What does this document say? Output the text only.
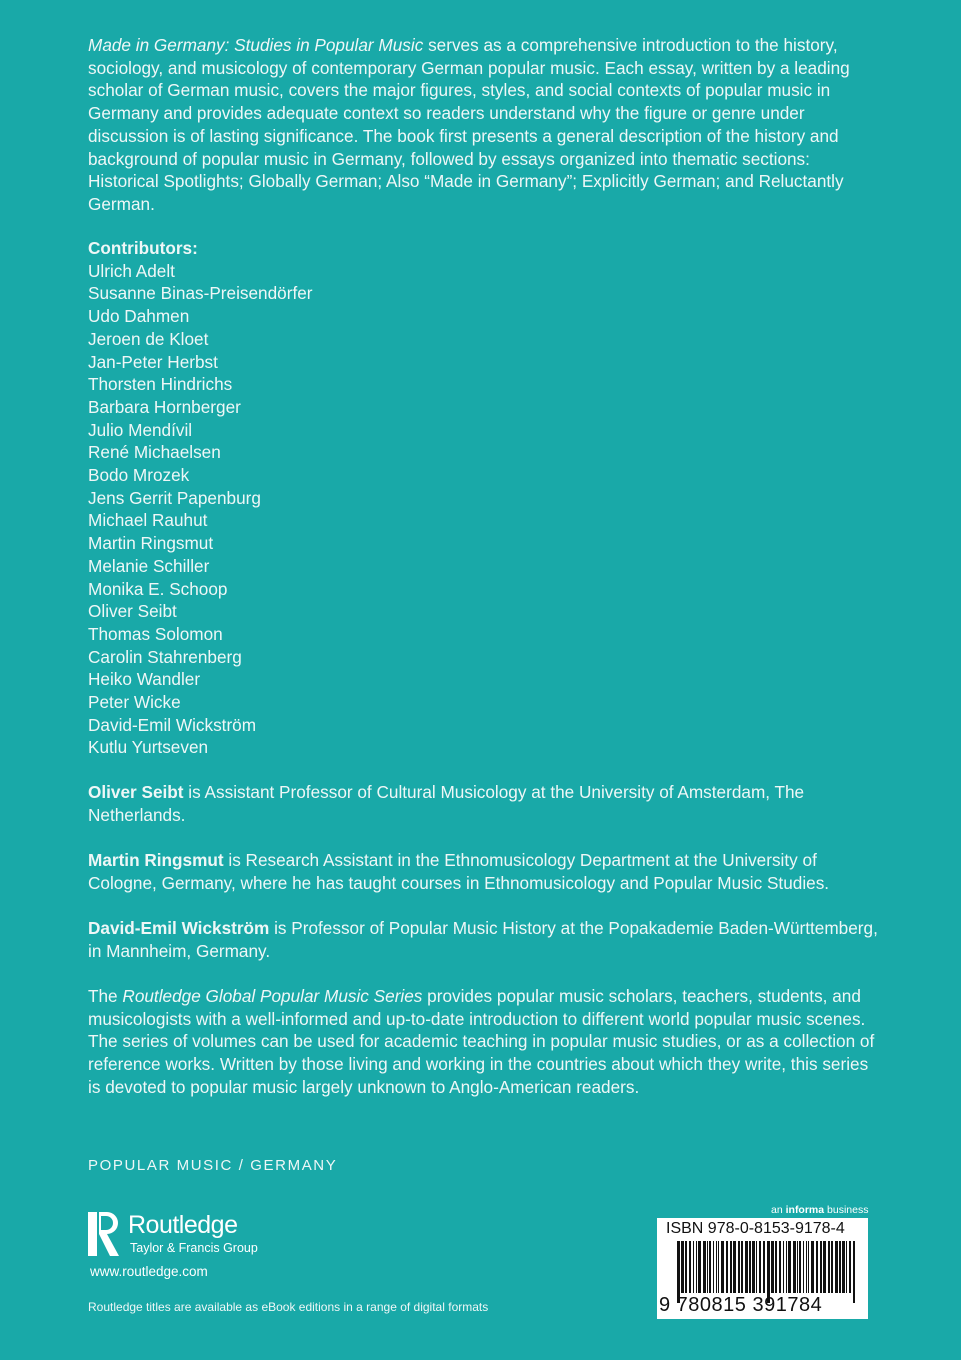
Made in Germany: Studies in Popular Music serves as a comprehensive introduction to the history, sociology, and musicology of contemporary German popular music. Each essay, written by a leading scholar of German music, covers the major figures, styles, and social contexts of popular music in Germany and provides adequate context so readers understand why the figure or genre under discussion is of lasting significance. The book first presents a general description of the history and background of popular music in Germany, followed by essays organized into thematic sections: Historical Spotlights; Globally German; Also “Made in Germany”; Explicitly German; and Reluctantly German.

Contributors:
Ulrich Adelt
Susanne Binas-Preisendörfer
Udo Dahmen
Jeroen de Kloet
Jan-Peter Herbst
Thorsten Hindrichs
Barbara Hornberger
Julio Mendívil
René Michaelsen
Bodo Mrozek
Jens Gerrit Papenburg
Michael Rauhut
Martin Ringsmut
Melanie Schiller
Monika E. Schoop
Oliver Seibt
Thomas Solomon
Carolin Stahrenberg
Heiko Wandler
Peter Wicke
David-Emil Wickström
Kutlu Yurtseven

Oliver Seibt is Assistant Professor of Cultural Musicology at the University of Amsterdam, The Netherlands.

Martin Ringsmut is Research Assistant in the Ethnomusicology Department at the University of Cologne, Germany, where he has taught courses in Ethnomusicology and Popular Music Studies.

David-Emil Wickström is Professor of Popular Music History at the Popakademie Baden-Württemberg, in Mannheim, Germany.

The Routledge Global Popular Music Series provides popular music scholars, teachers, students, and musicologists with a well-informed and up-to-date introduction to different world popular music scenes. The series of volumes can be used for academic teaching in popular music studies, or as a collection of reference works. Written by those living and working in the countries about which they write, this series is devoted to popular music largely unknown to Anglo-American readers.

POPULAR MUSIC / GERMANY
Routledge
Taylor & Francis Group
www.routledge.com
Routledge titles are available as eBook editions in a range of digital formats
an informa business
ISBN 978-0-8153-9178-4
9 780815 391784
